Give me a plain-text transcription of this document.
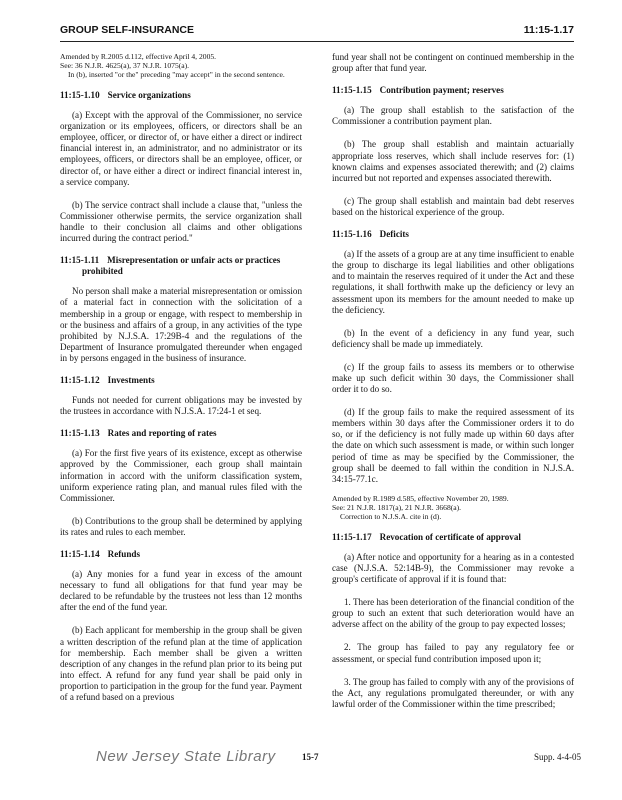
GROUP SELF-INSURANCE	11:15-1.17

Amended by R.2005 d.112, effective April 4, 2005.

See: 36 N.J.R. 4625(a), 37 N.J.R. 1075(a).

In (b), inserted "or the" preceding "may accept" in the second sentence.

11:15-1.10 Service organizations

(a) Except with the approval of the Commissioner, no service organization or its employees, officers, or directors shall be an employee, officer, or director of, or have either a direct or indirect financial interest in, an administrator, and no administrator or its employees, officers, or directors shall be an employee, officer, or director of, or have either a direct or indirect financial interest in, a service company.

(b) The service contract shall include a clause that, "unless the Commissioner otherwise permits, the service organization shall handle to their conclusion all claims and other obligations incurred during the contract period."

11:15-1.11 Misrepresentation or unfair acts or practices prohibited

No person shall make a material misrepresentation or omission of a material fact in connection with the solicitation of a membership in a group or engage, with respect to membership in or the business and affairs of a group, in any activities of the type prohibited by N.J.S.A. 17:29B-4 and the regulations of the Department of Insurance promulgated thereunder when engaged in by persons engaged in the business of insurance.

11:15-1.12 Investments

Funds not needed for current obligations may be invested by the trustees in accordance with N.J.S.A. 17:24-1 et seq.

11:15-1.13 Rates and reporting of rates

(a) For the first five years of its existence, except as otherwise approved by the Commissioner, each group shall maintain information in accord with the uniform classification system, uniform experience rating plan, and manual rules filed with the Commissioner.

(b) Contributions to the group shall be determined by applying its rates and rules to each member.

11:15-1.14 Refunds

(a) Any monies for a fund year in excess of the amount necessary to fund all obligations for that fund year may be declared to be refundable by the trustees not less than 12 months after the end of the fund year.

(b) Each applicant for membership in the group shall be given a written description of the refund plan at the time of application for membership. Each member shall be given a written description of any changes in the refund plan prior to its being put into effect. A refund for any fund year shall be paid only in proportion to participation in the group for the fund year. Payment of a refund based on a previous

fund year shall not be contingent on continued membership in the group after that fund year.

11:15-1.15 Contribution payment; reserves

(a) The group shall establish to the satisfaction of the Commissioner a contribution payment plan.

(b) The group shall establish and maintain actuarially appropriate loss reserves, which shall include reserves for: (1) known claims and expenses associated therewith; and (2) claims incurred but not reported and expenses associated therewith.

(c) The group shall establish and maintain bad debt reserves based on the historical experience of the group.

11:15-1.16 Deficits

(a) If the assets of a group are at any time insufficient to enable the group to discharge its legal liabilities and other obligations and to maintain the reserves required of it under the Act and these regulations, it shall forthwith make up the deficiency or levy an assessment upon its members for the amount needed to make up the deficiency.

(b) In the event of a deficiency in any fund year, such deficiency shall be made up immediately.

(c) If the group fails to assess its members or to otherwise make up such deficit within 30 days, the Commissioner shall order it to do so.

(d) If the group fails to make the required assessment of its members within 30 days after the Commissioner orders it to do so, or if the deficiency is not fully made up within 60 days after the date on which such assessment is made, or within such longer period of time as may be specified by the Commissioner, the group shall be deemed to fall within the condition in N.J.S.A. 34:15-77.1c.

Amended by R.1989 d.585, effective November 20, 1989.

See: 21 N.J.R. 1817(a), 21 N.J.R. 3668(a).

Correction to N.J.S.A. cite in (d).

11:15-1.17 Revocation of certificate of approval

(a) After notice and opportunity for a hearing as in a contested case (N.J.S.A. 52:14B-9), the Commissioner may revoke a group's certificate of approval if it is found that:

1. There has been deterioration of the financial condition of the group to such an extent that such deterioration would have an adverse affect on the ability of the group to pay expected losses;

2. The group has failed to pay any regulatory fee or assessment, or special fund contribution imposed upon it;

3. The group has failed to comply with any of the provisions of the Act, any regulations promulgated thereunder, or with any lawful order of the Commissioner within the time prescribed;

New Jersey State Library	15-7	Supp. 4-4-05
